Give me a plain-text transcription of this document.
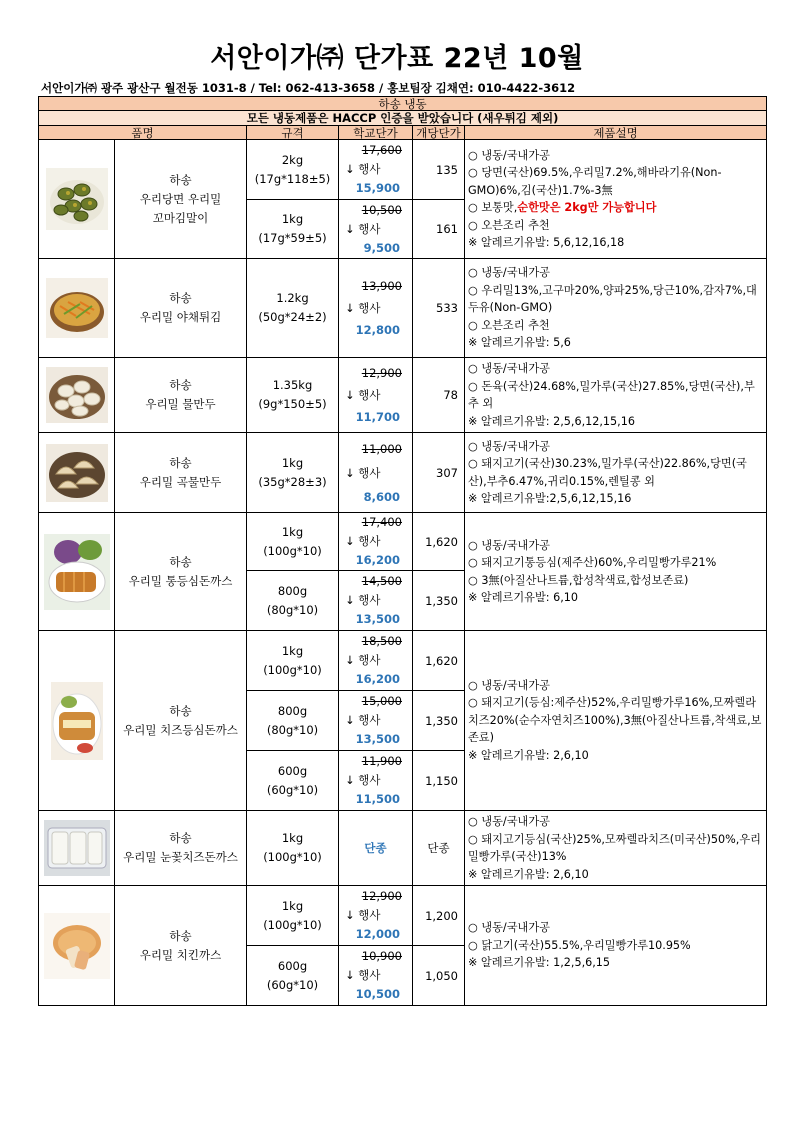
서안이가㈜ 단가표 22년 10월
서안이가㈜ 광주 광산구 월전동 1031-8 / Tel: 062-413-3658 / 홍보팀장 김채연: 010-4422-3612
하송 냉동					
모든 냉동제품은 HACCP 인증을 받았습니다 (새우튀김 제외)					
품명		규격	학교단가	개당단가	제품설명

	하송
우리당면 우리밀
꼬마김말이	2kg
(17g*118±5)	17,600
↓ 행사
15,900	135	○ 냉동/국내가공
○ 당면(국산)69.5%,우리밀7.2%,해바라기유(Non-GMO)6%,김(국산)1.7%-3無
○ 보통맛,순한맛은 2kg만 가능합니다
○ 오븐조리 추천
※ 알레르기유발: 5,6,12,16,18
		1kg
(17g*59±5)	10,500
↓ 행사
9,500	161	

	하송
우리밀 야채튀김	1.2kg
(50g*24±2)	13,900
↓ 행사
12,800	533	○ 냉동/국내가공
○ 우리밀13%,고구마20%,양파25%,당근10%,감자7%,대두유(Non-GMO)
○ 오븐조리 추천
※ 알레르기유발: 5,6

	하송
우리밀 물만두	1.35kg
(9g*150±5)	12,900
↓ 행사
11,700	78	○ 냉동/국내가공
○ 돈육(국산)24.68%,밀가루(국산)27.85%,당면(국산),부추 외
※ 알레르기유발: 2,5,6,12,15,16

	하송
우리밀 곡물만두	1kg
(35g*28±3)	11,000
↓ 행사
8,600	307	○ 냉동/국내가공
○ 돼지고기(국산)30.23%,밀가루(국산)22.86%,당면(국산),부추6.47%,귀리0.15%,렌틸콩 외
※ 알레르기유발:2,5,6,12,15,16

	하송
우리밀 통등심돈까스	1kg
(100g*10)	17,400
↓ 행사
16,200	1,620	○ 냉동/국내가공
○ 돼지고기통등심(제주산)60%,우리밀빵가루21%
○ 3無(아질산나트륨,합성착색료,합성보존료)
※ 알레르기유발: 6,10
		800g
(80g*10)	14,500
↓ 행사
13,500	1,350	

	하송
우리밀 치즈등심돈까스	1kg
(100g*10)	18,500
↓ 행사
16,200	1,620	○ 냉동/국내가공
○ 돼지고기(등심:제주산)52%,우리밀빵가루16%,모짜렐라치즈20%(순수자연치즈100%),3無(아질산나트륨,착색료,보존료)
※ 알레르기유발: 2,6,10
		800g
(80g*10)	15,000
↓ 행사
13,500	1,350	
		600g
(60g*10)	11,900
↓ 행사
11,500	1,150	

	하송
우리밀 눈꽃치즈돈까스	1kg
(100g*10)	단종	단종	○ 냉동/국내가공
○ 돼지고기등심(국산)25%,모짜렐라치즈(미국산)50%,우리밀빵가루(국산)13%
※ 알레르기유발: 2,6,10

	하송
우리밀 치킨까스	1kg
(100g*10)	12,900
↓ 행사
12,000	1,200	○ 냉동/국내가공
○ 닭고기(국산)55.5%,우리밀빵가루10.95%
※ 알레르기유발: 1,2,5,6,15
		600g
(60g*10)	10,900
↓ 행사
10,500	1,050	
